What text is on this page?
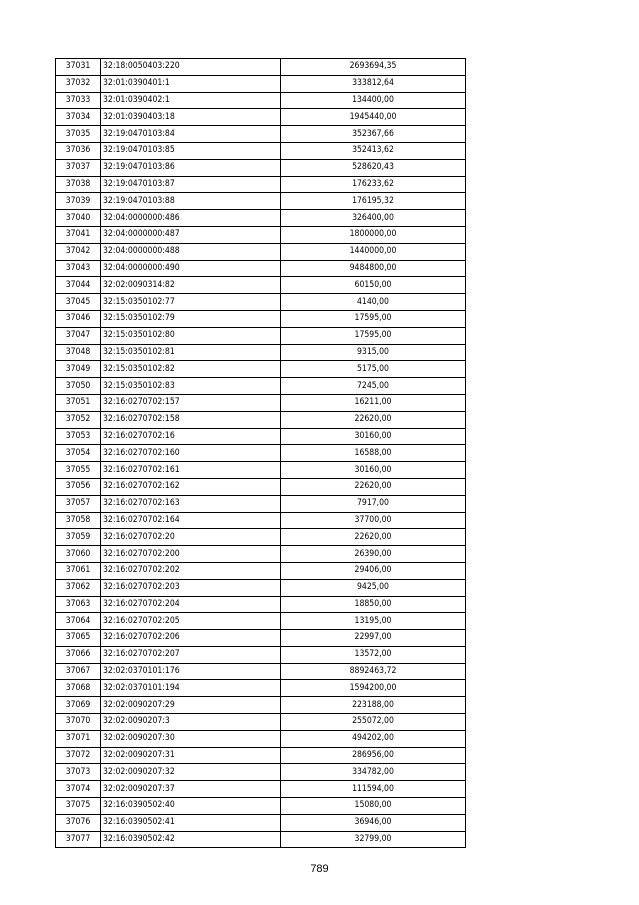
37031	32:18:0050403:220	2693694,35
37032	32:01:0390401:1	333812,64
37033	32:01:0390402:1	134400,00
37034	32:01:0390403:18	1945440,00
37035	32:19:0470103:84	352367,66
37036	32:19:0470103:85	352413,62
37037	32:19:0470103:86	528620,43
37038	32:19:0470103:87	176233,62
37039	32:19:0470103:88	176195,32
37040	32:04:0000000:486	326400,00
37041	32:04:0000000:487	1800000,00
37042	32:04:0000000:488	1440000,00
37043	32:04:0000000:490	9484800,00
37044	32:02:0090314:82	60150,00
37045	32:15:0350102:77	4140,00
37046	32:15:0350102:79	17595,00
37047	32:15:0350102:80	17595,00
37048	32:15:0350102:81	9315,00
37049	32:15:0350102:82	5175,00
37050	32:15:0350102:83	7245,00
37051	32:16:0270702:157	16211,00
37052	32:16:0270702:158	22620,00
37053	32:16:0270702:16	30160,00
37054	32:16:0270702:160	16588,00
37055	32:16:0270702:161	30160,00
37056	32:16:0270702:162	22620,00
37057	32:16:0270702:163	7917,00
37058	32:16:0270702:164	37700,00
37059	32:16:0270702:20	22620,00
37060	32:16:0270702:200	26390,00
37061	32:16:0270702:202	29406,00
37062	32:16:0270702:203	9425,00
37063	32:16:0270702:204	18850,00
37064	32:16:0270702:205	13195,00
37065	32:16:0270702:206	22997,00
37066	32:16:0270702:207	13572,00
37067	32:02:0370101:176	8892463,72
37068	32:02:0370101:194	1594200,00
37069	32:02:0090207:29	223188,00
37070	32:02:0090207:3	255072,00
37071	32:02:0090207:30	494202,00
37072	32:02:0090207:31	286956,00
37073	32:02:0090207:32	334782,00
37074	32:02:0090207:37	111594,00
37075	32:16:0390502:40	15080,00
37076	32:16:0390502:41	36946,00
37077	32:16:0390502:42	32799,00
789
